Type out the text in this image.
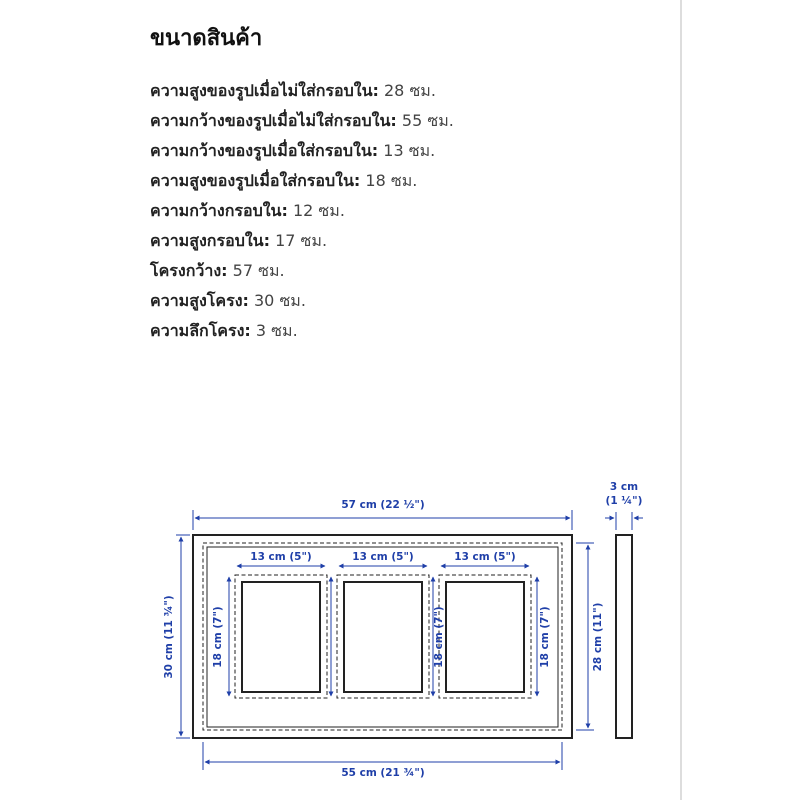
ขนาดสินค้า
ความสูงของรูปเมื่อไม่ใส่กรอบใน: 28 ซม.
ความกว้างของรูปเมื่อไม่ใส่กรอบใน: 55 ซม.
ความกว้างของรูปเมื่อใส่กรอบใน: 13 ซม.
ความสูงของรูปเมื่อใส่กรอบใน: 18 ซม.
ความกว้างกรอบใน: 12 ซม.
ความสูงกรอบใน: 17 ซม.
โครงกว้าง: 57 ซม.
ความสูงโครง: 30 ซม.
ความลึกโครง: 3 ซม.
57 cm (22 ½")
55 cm (21 ¾")
30 cm (11 ¾")	28 cm (11")
3 cm
(1 ¼")
13 cm (5")	13 cm (5")	13 cm (5")
18 cm (7")	18 cm (7")	18 cm (7")
